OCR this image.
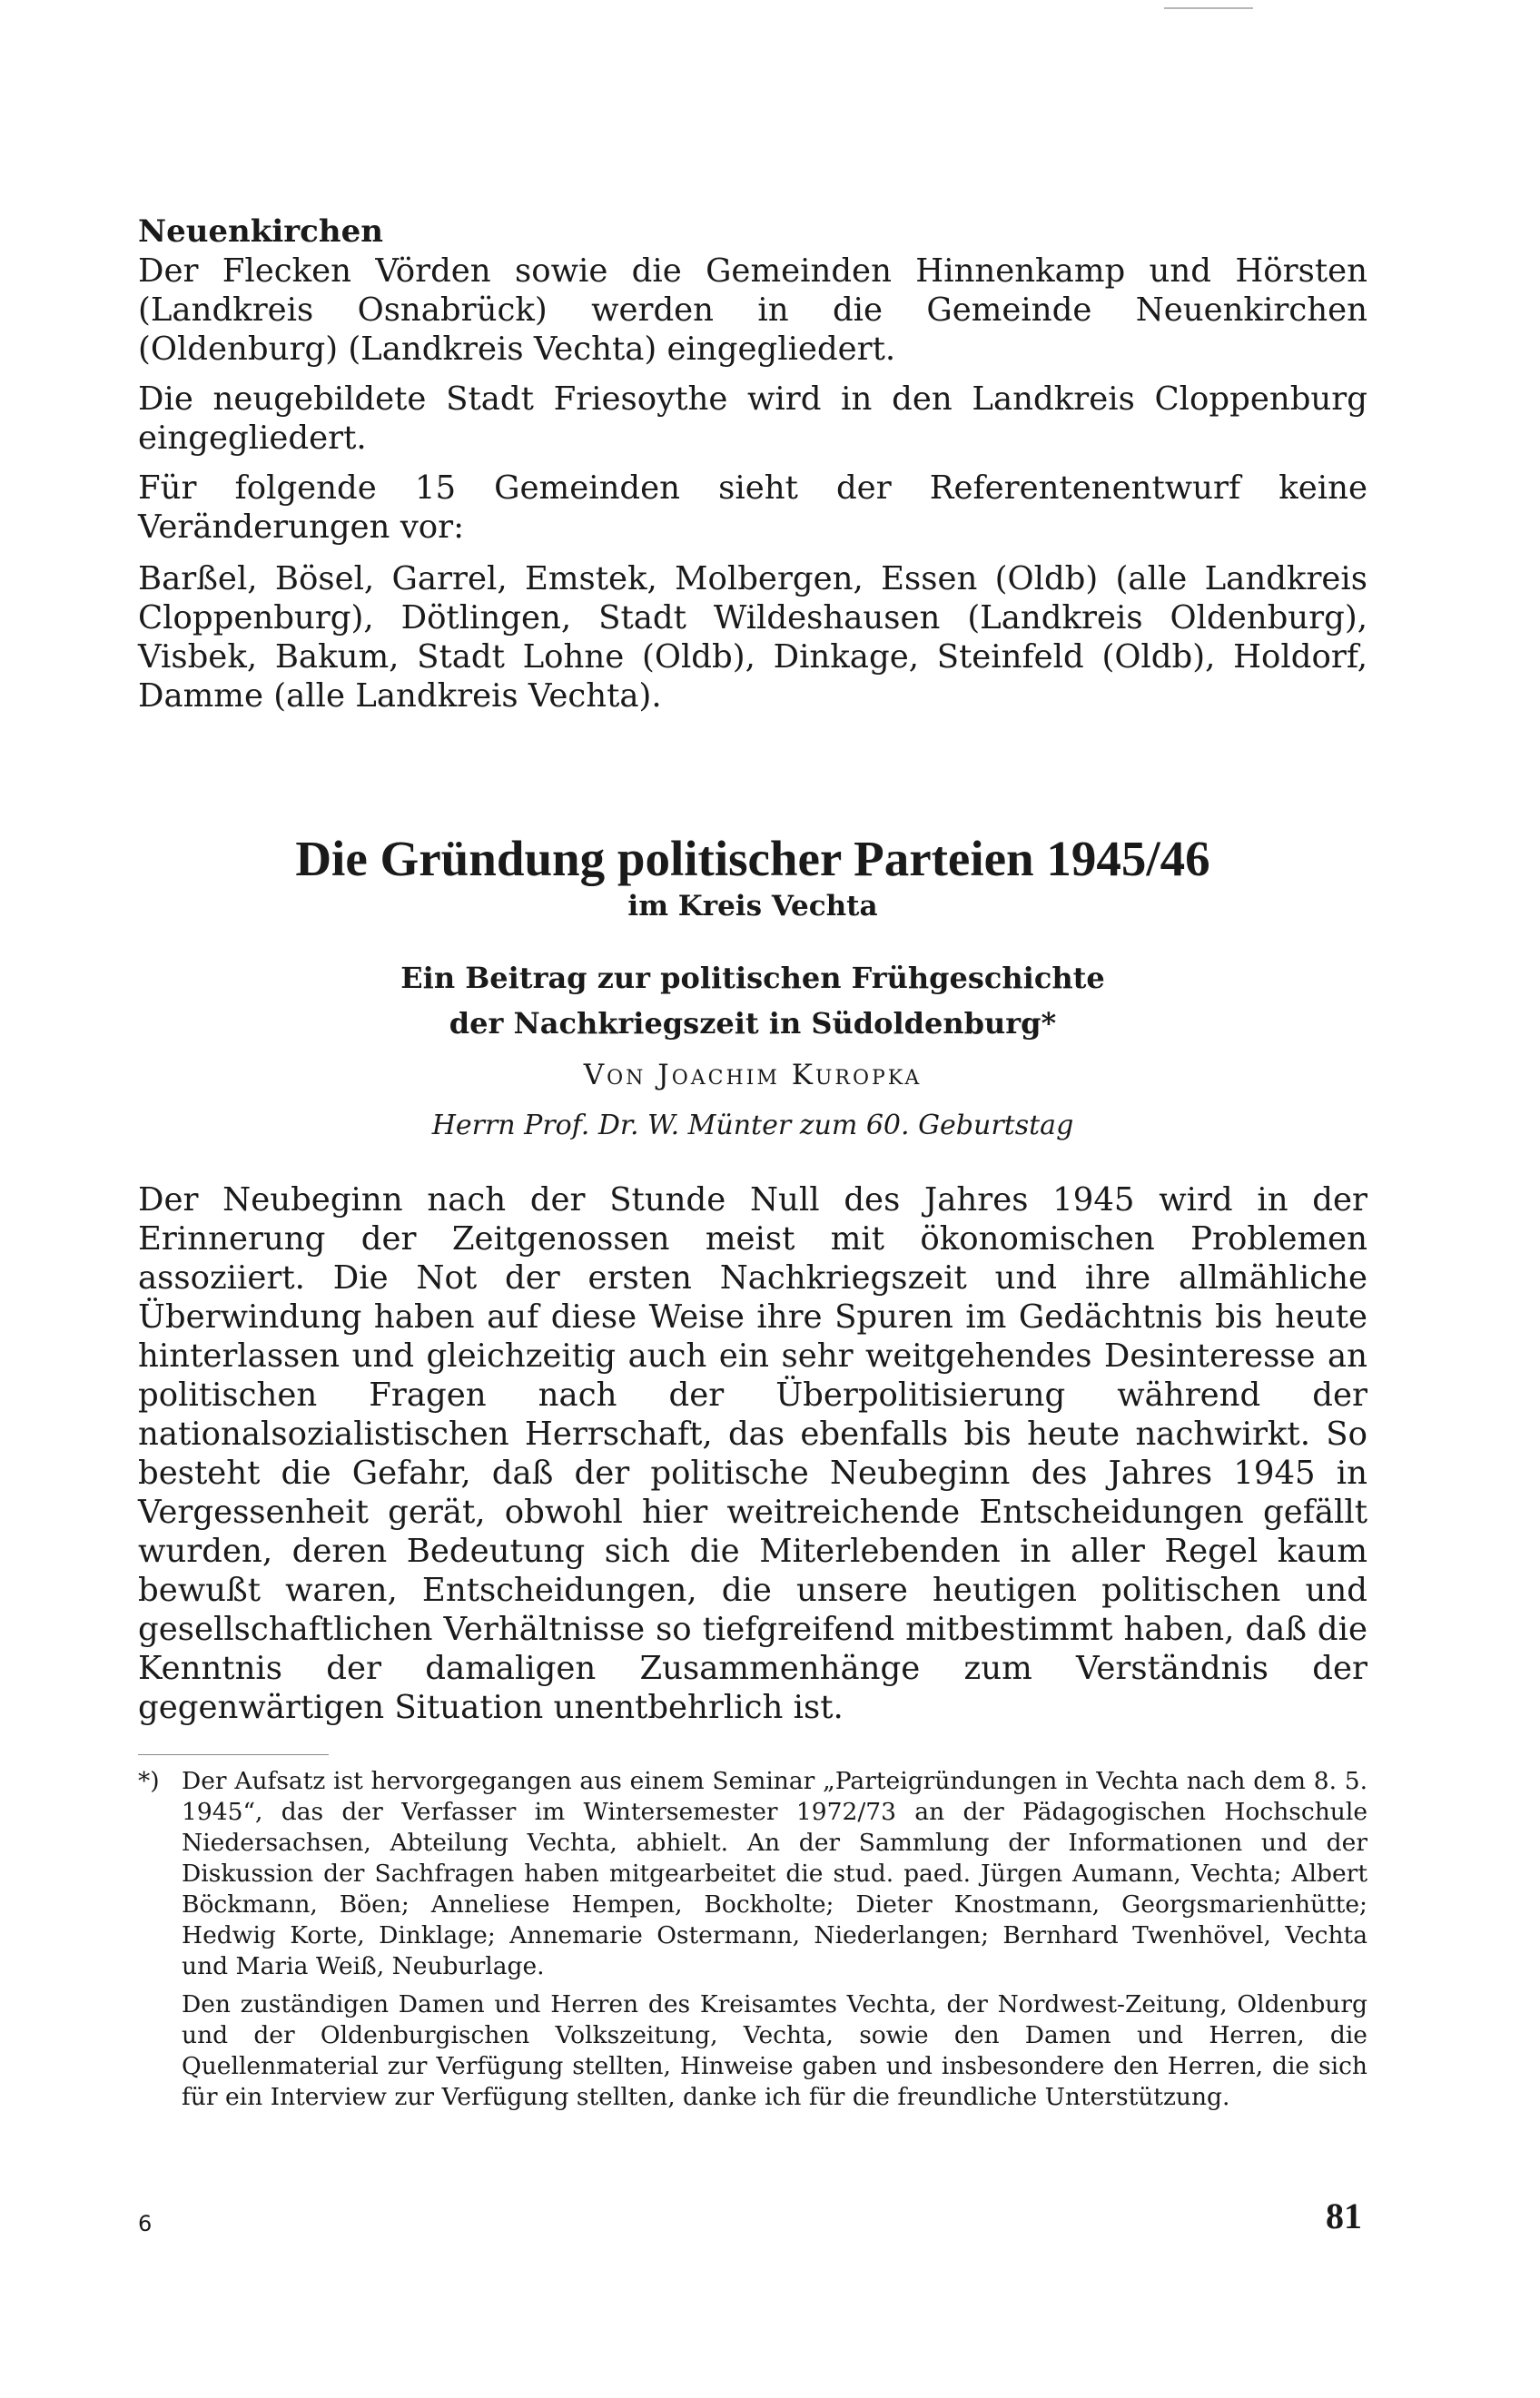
Neuenkirchen

Der Flecken Vörden sowie die Gemeinden Hinnenkamp und Hörsten (Landkreis Osnabrück) werden in die Gemeinde Neuenkirchen (Oldenburg) (Landkreis Vechta) eingegliedert.

Die neugebildete Stadt Friesoythe wird in den Landkreis Cloppenburg eingegliedert.

Für folgende 15 Gemeinden sieht der Referentenentwurf keine Veränderungen vor:

Barßel, Bösel, Garrel, Emstek, Molbergen, Essen (Oldb) (alle Landkreis Cloppenburg), Dötlingen, Stadt Wildeshausen (Landkreis Oldenburg), Visbek, Bakum, Stadt Lohne (Oldb), Dinkage, Steinfeld (Oldb), Holdorf, Damme (alle Landkreis Vechta).

Die Gründung politischer Parteien 1945/46

im Kreis Vechta

Ein Beitrag zur politischen Frühgeschichte
der Nachkriegszeit in Südoldenburg*

Von Joachim Kuropka

Herrn Prof. Dr. W. Münter zum 60. Geburtstag

Der Neubeginn nach der Stunde Null des Jahres 1945 wird in der Erinnerung der Zeitgenossen meist mit ökonomischen Problemen assoziiert. Die Not der ersten Nachkriegszeit und ihre allmähliche Überwindung haben auf diese Weise ihre Spuren im Gedächtnis bis heute hinterlassen und gleichzeitig auch ein sehr weitgehendes Desinteresse an politischen Fragen nach der Überpolitisierung während der nationalsozialistischen Herrschaft, das ebenfalls bis heute nachwirkt. So besteht die Gefahr, daß der politische Neubeginn des Jahres 1945 in Vergessenheit gerät, obwohl hier weitreichende Entscheidungen gefällt wurden, deren Bedeutung sich die Miterlebenden in aller Regel kaum bewußt waren, Entscheidungen, die unsere heutigen politischen und gesellschaftlichen Verhältnisse so tiefgreifend mitbestimmt haben, daß die Kenntnis der damaligen Zusammenhänge zum Verständnis der gegenwärtigen Situation unentbehrlich ist.

*) Der Aufsatz ist hervorgegangen aus einem Seminar „Parteigründungen in Vechta nach dem 8. 5. 1945“, das der Verfasser im Wintersemester 1972/73 an der Pädagogischen Hochschule Niedersachsen, Abteilung Vechta, abhielt. An der Sammlung der Informationen und der Diskussion der Sachfragen haben mitgearbeitet die stud. paed. Jürgen Aumann, Vechta; Albert Böckmann, Böen; Anneliese Hempen, Bockholte; Dieter Knostmann, Georgsmarienhütte; Hedwig Korte, Dinklage; Annemarie Ostermann, Niederlangen; Bernhard Twenhövel, Vechta und Maria Weiß, Neuburlage.

Den zuständigen Damen und Herren des Kreisamtes Vechta, der Nordwest-Zeitung, Oldenburg und der Oldenburgischen Volkszeitung, Vechta, sowie den Damen und Herren, die Quellenmaterial zur Verfügung stellten, Hinweise gaben und insbesondere den Herren, die sich für ein Interview zur Verfügung stellten, danke ich für die freundliche Unterstützung.

6	81
